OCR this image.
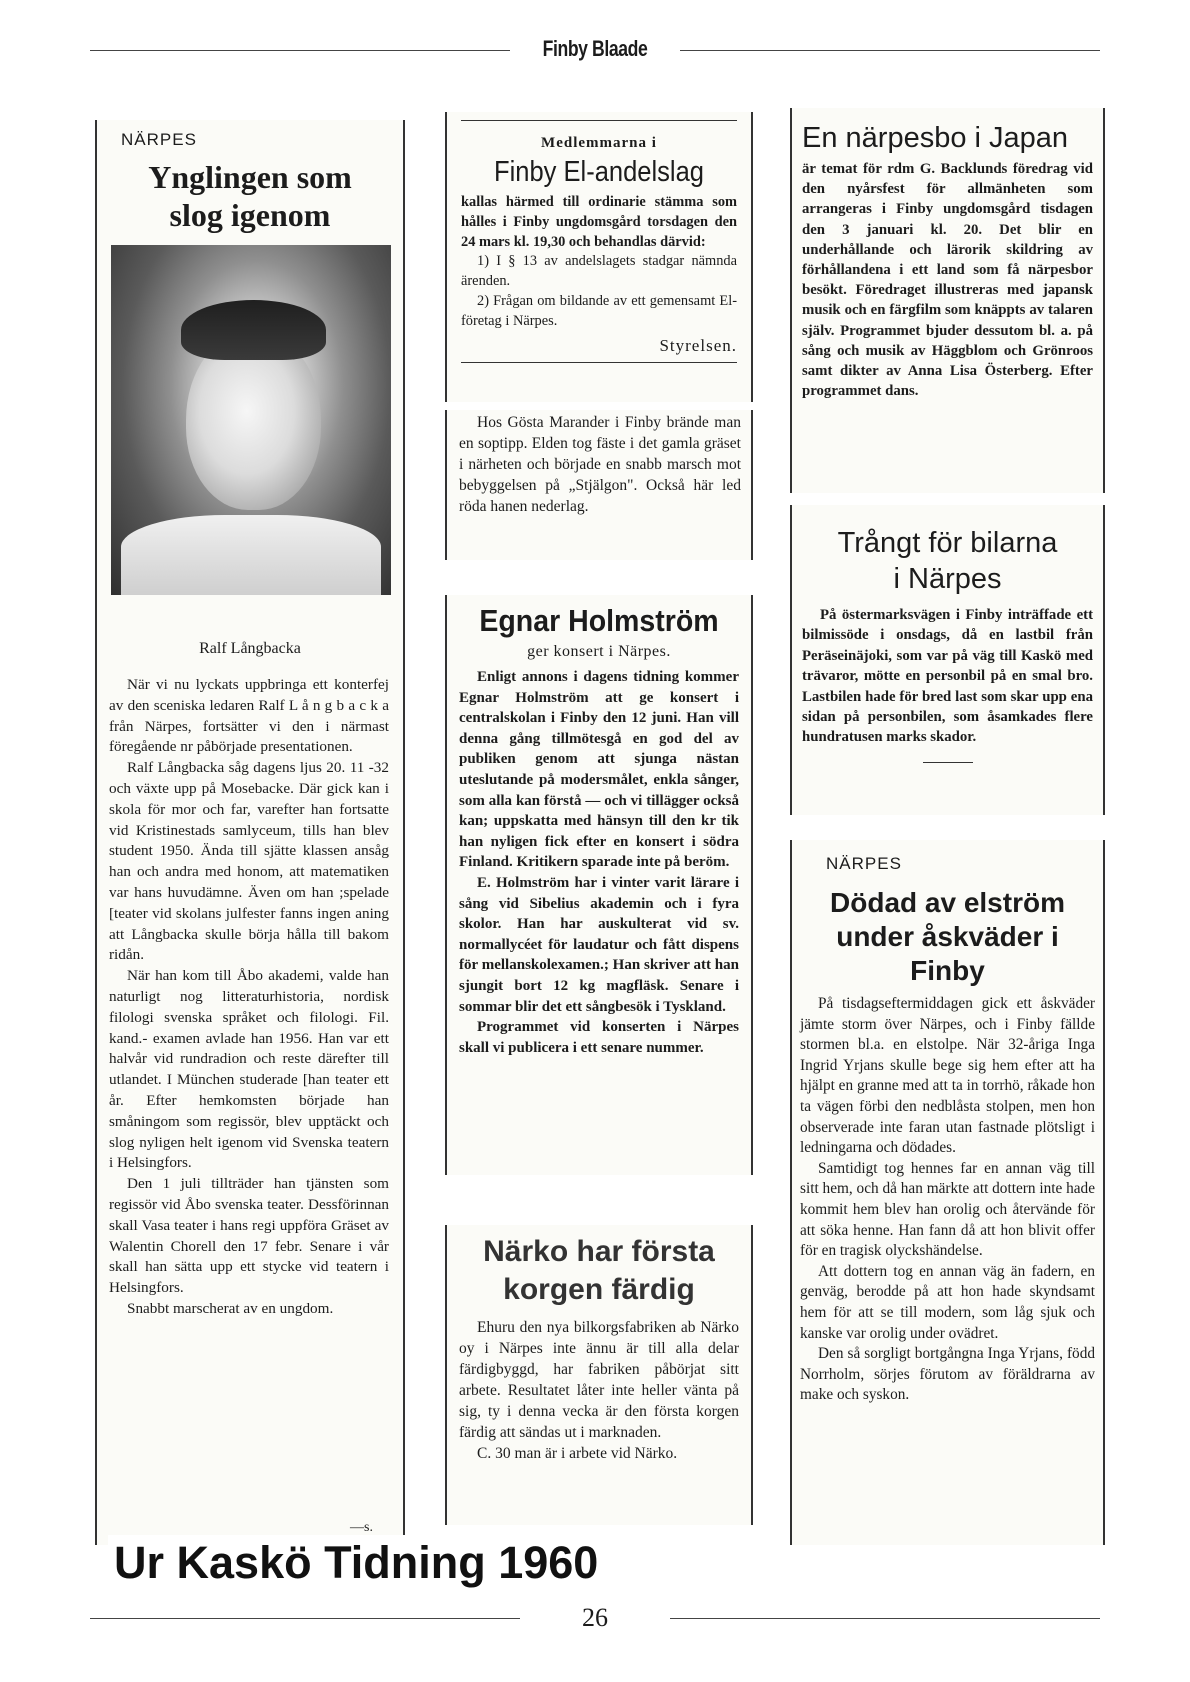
Finby Blaade
NÄRPES
Ynglingen som
slog igenom
Ralf Långbacka

När vi nu lyckats uppbringa ett konterfej av den sceniska ledaren Ralf L å n g b a c k a från Närpes, fortsätter vi den i närmast föregående nr påbörjade presentationen.

Ralf Långbacka såg dagens ljus 20. 11 -32 och växte upp på Mosebacke. Där gick kan i skola för mor och far, varefter han fortsatte vid Kristinestads samlyceum, tills han blev student 1950. Ända till sjätte klassen ansåg han och andra med honom, att matematiken var hans huvudämne. Även om han ;spelade [teater vid skolans julfester fanns ingen aning att Långbacka skulle börja hålla till bakom ridån.

När han kom till Åbo akademi, valde han naturligt nog litteraturhistoria, nordisk filologi svenska språket och filologi. Fil. kand.- examen avlade han 1956. Han var ett halvår vid rundradion och reste därefter till utlandet. I München studerade [han teater ett år. Efter hemkomsten började han småningom som regissör, blev upptäckt och slog nyligen helt igenom vid Svenska teatern i Helsingfors.

Den 1 juli tillträder han tjänsten som regissör vid Åbo svenska teater. Dessförinnan skall Vasa teater i hans regi uppföra Gräset av Walentin Chorell den 17 febr. Senare i vår skall han sätta upp ett stycke vid teatern i Helsingfors.

Snabbt marscherat av en ungdom.

—s.
Medlemmarna i
Finby El-andelslag
kallas härmed till ordinarie stämma som hålles i Finby ungdomsgård torsdagen den 24 mars kl. 19,30 och behandlas därvid:
1) I § 13 av andelslagets stadgar nämnda ärenden.
2) Frågan om bildande av ett gemensamt El-företag i Närpes.
Styrelsen.
Hos Gösta Marander i Finby brände man en soptipp. Elden tog fäste i det gamla gräset i närheten och började en snabb marsch mot bebyggelsen på „Stjälgon". Också här led röda hanen nederlag.
Egnar Holmström
ger konsert i Närpes.

Enligt annons i dagens tidning kommer Egnar Holmström att ge konsert i centralskolan i Finby den 12 juni. Han vill denna gång tillmötesgå en god del av publiken genom att sjunga nästan uteslutande på modersmålet, enkla sånger, som alla kan förstå — och vi tillägger också kan; uppskatta med hänsyn till den kr tik han nyligen fick efter en konsert i södra Finland. Kritikern sparade inte på beröm.

E. Holmström har i vinter varit lärare i sång vid Sibelius akademin och i fyra skolor. Han har auskulterat vid sv. normallycéet för laudatur och fått dispens för mellanskolexamen.; Han skriver att han sjungit bort 12 kg magfläsk. Senare i sommar blir det ett sångbesök i Tyskland.

Programmet vid konserten i Närpes skall vi publicera i ett senare nummer.

Närko har första
korgen färdig

Ehuru den nya bilkorgsfabriken ab Närko oy i Närpes inte ännu är till alla delar färdigbyggd, har fabriken påbörjat sitt arbete. Resultatet låter inte heller vänta på sig, ty i denna vecka är den första korgen färdig att sändas ut i marknaden.

C. 30 man är i arbete vid Närko.

En närpesbo i Japan
är temat för rdm G. Backlunds föredrag vid den nyårsfest för allmänheten som arrangeras i Finby ungdomsgård tisdagen den 3 januari kl. 20. Det blir en underhållande och lärorik skildring av förhållandena i ett land som få närpesbor besökt. Föredraget illustreras med japansk musik och en färgfilm som knäppts av talaren själv. Programmet bjuder dessutom bl. a. på sång och musik av Häggblom och Grönroos samt dikter av Anna Lisa Österberg. Efter programmet dans.
Trångt för bilarna
i Närpes
På östermarksvägen i Finby inträffade ett bilmissöde i onsdags, då en lastbil från Peräseinäjoki, som var på väg till Kaskö med trävaror, mötte en personbil på en smal bro. Lastbilen hade för bred last som skar upp ena sidan på personbilen, som åsamkades flere hundratusen marks skador.
NÄRPES
Dödad av elström
under åskväder i
Finby

På tisdagseftermiddagen gick ett åskväder jämte storm över Närpes, och i Finby fällde stormen bl.a. en elstolpe. När 32-åriga Inga Ingrid Yrjans skulle bege sig hem efter att ha hjälpt en granne med att ta in torrhö, råkade hon ta vägen förbi den nedblåsta stolpen, men hon observerade inte faran utan fastnade plötsligt i ledningarna och dödades.

Samtidigt tog hennes far en annan väg till sitt hem, och då han märkte att dottern inte hade kommit hem blev han orolig och återvände för att söka henne. Han fann då att hon blivit offer för en tragisk olyckshändelse.

Att dottern tog en annan väg än fadern, en genväg, berodde på att hon hade skyndsamt hem för att se till modern, som låg sjuk och kanske var orolig under ovädret.

Den så sorgligt bortgångna Inga Yrjans, född Norrholm, sörjes förutom av föräldrarna av make och syskon.

Ur Kaskö Tidning 1960
26
